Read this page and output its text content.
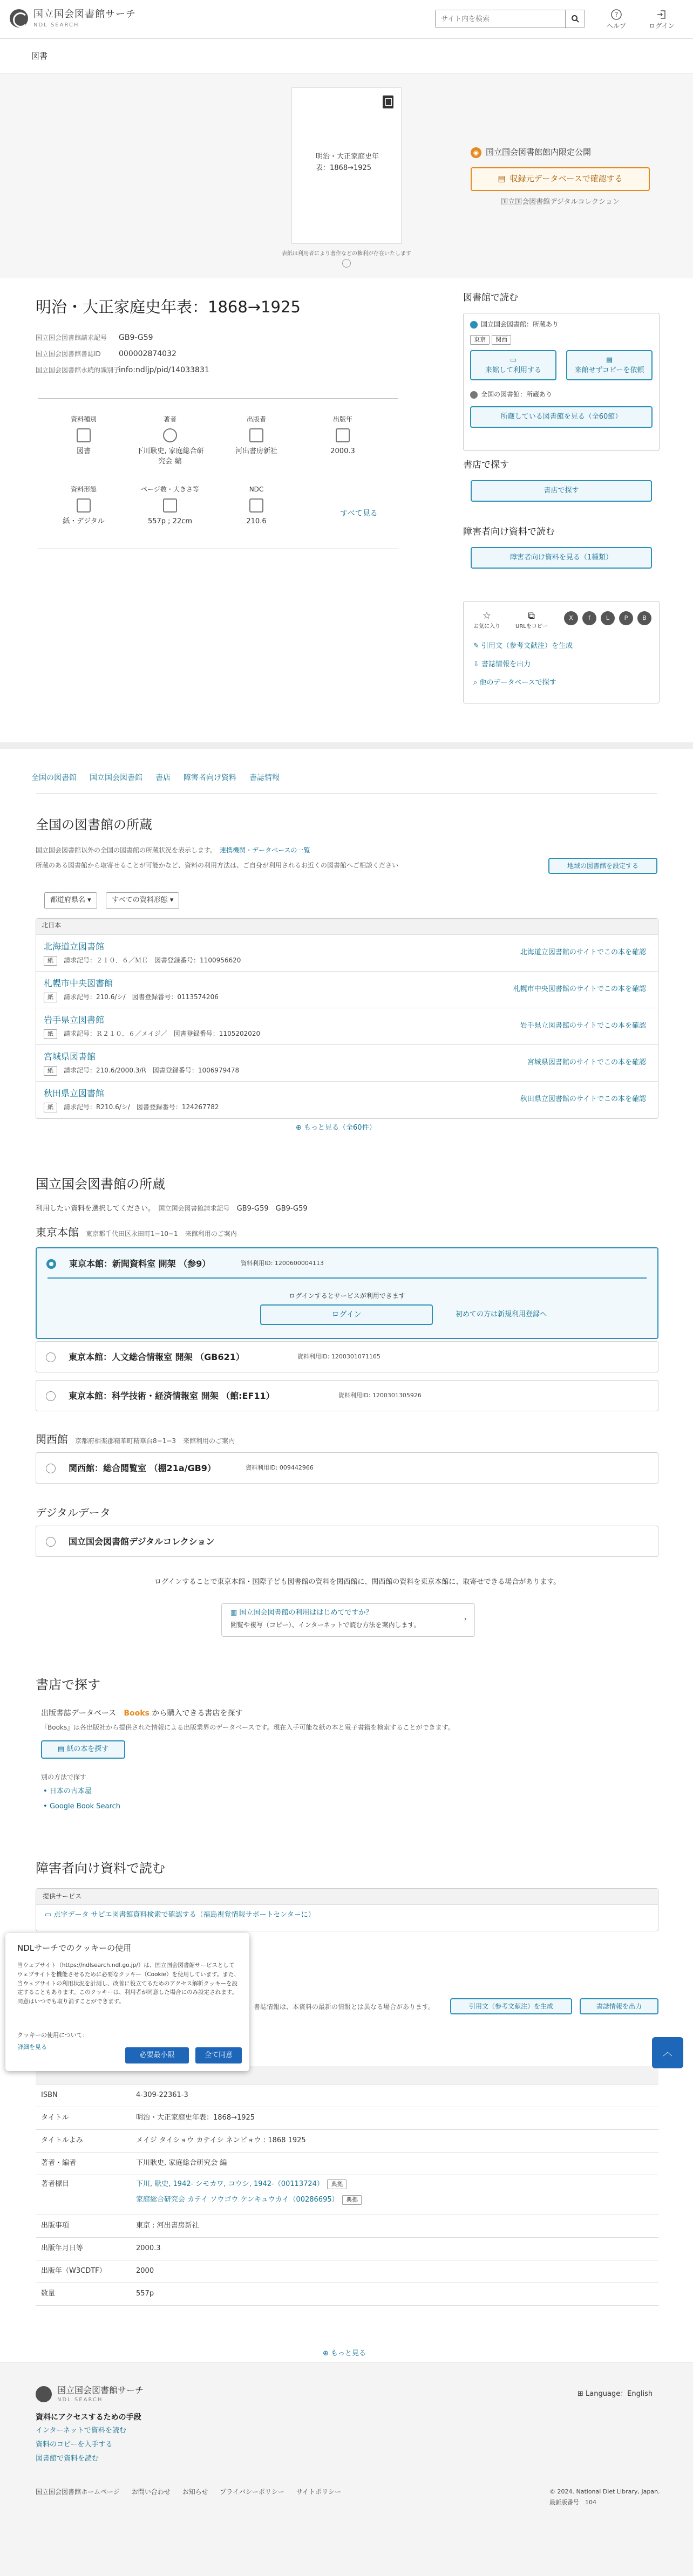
国立国会図書館サーチ
NDL SEARCH
サイト内を検索
?
ヘルプ	ログイン
図書
明治・大正家庭史年表：1868→1925
表紙は利用者により著作などの権利が存在いたします
◉ 国立国会図書館館内限定公開
▤ 収録元データベースで確認する
国立国会図書館デジタルコレクション
明治・大正家庭史年表：1868→1925
国立国会図書館請求記号 GB9-G59
国立国会図書館書誌ID 000002874032
国立国会図書館永続的識別子
info:ndljp/pid/14033831
資料種別
図書
著者
下川耿史, 家庭総合研究会 編
出版者
河出書房新社
出版年
2000.3
資料形態
紙・デジタル
ページ数・大きさ等
557p ; 22cm
NDC
210.6
すべて見る
図書館で読む
国立国会図書館：所蔵あり
東京 関西
▭
来館して利用する
▤
来館せずコピーを依頼
全国の図書館：所蔵あり
所蔵している図書館を見る（全60館）
書店で探す
書店で探す
障害者向け資料で読む
障害者向け資料を見る（1種類）
☆
お気に入り
⧉
URLをコピー
X	f	L	P	B
✎ 引用文（参考文献注）を生成
⇩ 書誌情報を出力
⌕ 他のデータベースで探す
全国の図書館 国立国会図書館 書店 障害者向け資料 書誌情報
全国の図書館の所蔵
国立国会図書館以外の全国の図書館の所蔵状況を表示します。　 連携機関・データベースの一覧
所蔵のある図書館から取寄せることが可能かなど、資料の利用方法は、ご自身が利用されるお近くの図書館へご相談ください	地域の図書館を設定する
都道府県名 ▾	すべての資料形態 ▾
北日本
北海道立図書館
紙　 請求記号：２１０．６／ＭＥ　 図書登録番号：1100956620
北海道立図書館のサイトでこの本を確認
札幌市中央図書館
紙　 請求記号：210.6/シ/　 図書登録番号：0113574206
札幌市中央図書館のサイトでこの本を確認
岩手県立図書館
紙　 請求記号：Ｒ２１０．６／メイジ／　 図書登録番号：1105202020
岩手県立図書館のサイトでこの本を確認
宮城県図書館
紙　 請求記号：210.6/2000.3/R　 図書登録番号：1006979478
宮城県図書館のサイトでこの本を確認
秋田県立図書館
紙　 請求記号：R210.6/シ/　 図書登録番号：124267782
秋田県立図書館のサイトでこの本を確認
⊕ もっと見る（全60件）
国立国会図書館の所蔵
利用したい資料を選択してください。　 国立国会図書館請求記号　 GB9-G59　 GB9-G59
東京本館　 東京都千代田区永田町1−10−1　 来館利用のご案内
東京本館：新聞資料室 開架 （参9）	資料利用ID: 1200600004113
ログインするとサービスが利用できます
ログイン	初めての方は新規利用登録へ
東京本館：人文総合情報室 開架 （GB621）	資料利用ID: 1200301071165
東京本館：科学技術・経済情報室 開架 （館:EF11）	資料利用ID: 1200301305926
関西館　 京都府相楽郡精華町精華台8−1−3　 来館利用のご案内
関西館：総合閲覧室 （棚21a/GB9）	資料利用ID: 009442966
デジタルデータ
国立国会図書館デジタルコレクション
ログインすることで東京本館・国際子ども図書館の資料を関西館に、関西館の資料を東京本館に、取寄せできる場合があります。
▥ 国立国会図書館の利用ははじめてですか？
閲覧や複写（コピー）、インターネットで読む方法を案内します。
›
書店で探す
出版書誌データベース　 Books から購入できる書店を探す
『Books』は各出版社から提供された情報による出版業界のデータベースです。現在入手可能な紙の本と電子書籍を検索することができます。
▤ 紙の本を探す
別の方法で探す
• 日本の古本屋
• Google Book Search
障害者向け資料で読む
提供サービス
▭ 点字データ サピエ図書館資料検索で確認する（福島視覚情報サポートセンターに）
書誌情報は、本資料の最新の情報とは異なる場合があります。	引用文（参考文献注）を生成	書誌情報を出力
ISBN	4-309-22361-3
タイトル	明治・大正家庭史年表：1868→1925
タイトルよみ	メイジ タイショウ カテイシ ネンピョウ : 1868 1925
著者・編者	下川耿史, 家庭総合研究会 編
著者標目	下川, 耿史, 1942- シモカワ, コウシ, 1942-（00113724）　 典拠
家庭総合研究会 カテイ ソウゴウ ケンキュウカイ（00286695）　 典拠
出版事項	東京 : 河出書房新社
出版年月日等	2000.3
出版年（W3CDTF）	2000
数量	557p
⊕ もっと見る
︿
NDLサーチでのクッキーの使用
当ウェブサイト（https://ndlsearch.ndl.go.jp/）は、国立国会図書館サービスとしてウェブサイトを機能させるために必要なクッキー（Cookie）を使用しています。また、当ウェブサイトの利用状況を計測し、改善に役立てるためのアクセス解析クッキーを設定することもあります。このクッキーは、利用者が同意した場合にのみ設定されます。同意はいつでも取り消すことができます。
クッキーの使用について：
詳細を見る
必要最小限	全て同意
国立国会図書館サーチ
NDL SEARCH
⊞ Language：English
資料にアクセスするための手段
インターネットで資料を読む
資料のコピーを入手する
図書館で資料を読む
国立国会図書館ホームページ お問い合わせ お知らせ プライバシーポリシー サイトポリシー	© 2024. National Diet Library, Japan.
最新版番号　 104
